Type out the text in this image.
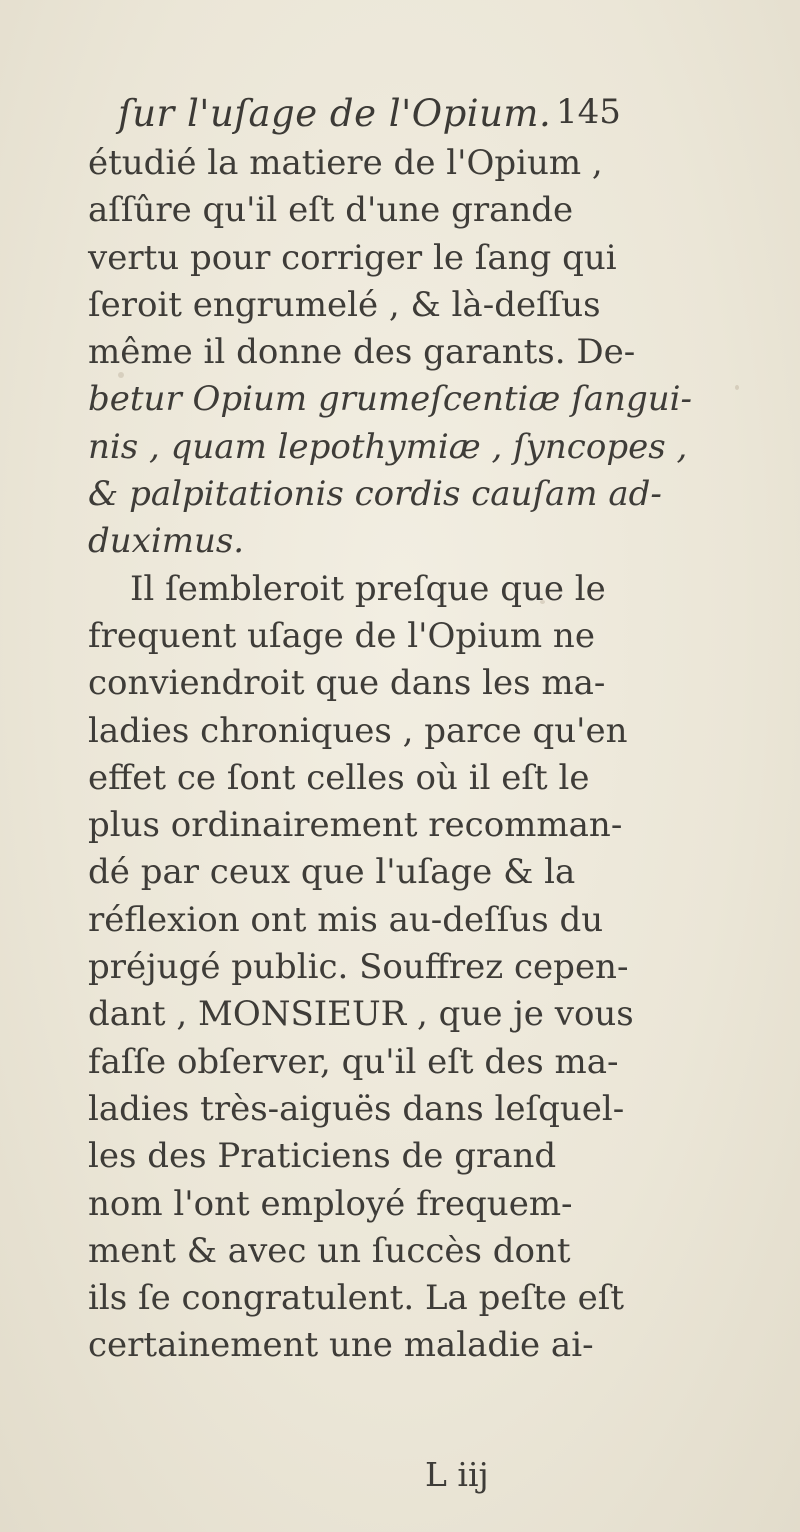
ſur l'uſage de l'Opium. 145
étudié la matiere de l'Opium ,
aſſûre qu'il eſt d'une grande
vertu pour corriger le ſang qui
ſeroit engrumelé , & là-deſſus
même il donne des garants. De-
betur Opium grumeſcentiæ ſangui-
nis , quam lepothymiæ , ſyncopes ,
& palpitationis cordis cauſam ad-
duximus.
Il ſembleroit preſque que le
frequent uſage de l'Opium ne
conviendroit que dans les ma-
ladies chroniques , parce qu'en
effet ce ſont celles où il eſt le
plus ordinairement recomman-
dé par ceux que l'uſage & la
réflexion ont mis au-deſſus du
préjugé public. Souffrez cepen-
dant , MONSIEUR , que je vous
faſſe obſerver, qu'il eſt des ma-
ladies très-aiguës dans leſquel-
les des Praticiens de grand
nom l'ont employé frequem-
ment & avec un ſuccès dont
ils ſe congratulent. La peſte eſt
certainement une maladie ai-
L iij
